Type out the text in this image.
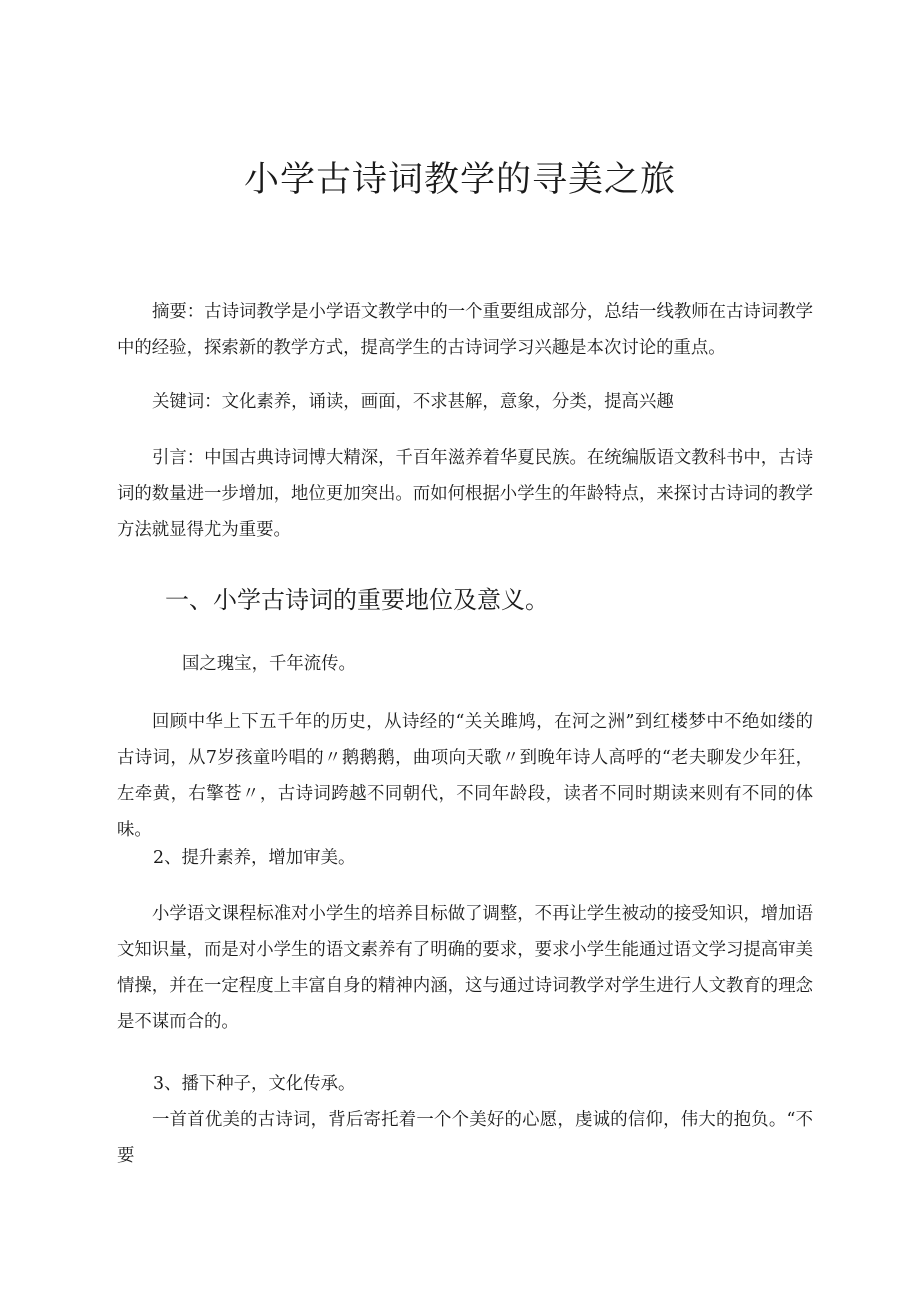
小学古诗词教学的寻美之旅

摘要：古诗词教学是小学语文教学中的一个重要组成部分，总结一线教师在古诗词教学中的经验，探索新的教学方式，提高学生的古诗词学习兴趣是本次讨论的重点。

关键词：文化素养，诵读，画面，不求甚解，意象，分类，提高兴趣

引言：中国古典诗词博大精深，千百年滋养着华夏民族。在统编版语文教科书中，古诗词的数量进一步增加，地位更加突出。而如何根据小学生的年龄特点，来探讨古诗词的教学方法就显得尤为重要。

一、小学古诗词的重要地位及意义。

国之瑰宝，千年流传。

回顾中华上下五千年的历史，从诗经的“关关雎鸠，在河之洲”到红楼梦中不绝如缕的古诗词，从7岁孩童吟唱的〃鹅鹅鹅，曲项向天歌〃到晚年诗人高呼的“老夫聊发少年狂，左牵黄，右擎苍〃，古诗词跨越不同朝代，不同年龄段，读者不同时期读来则有不同的体味。

2、提升素养，增加审美。

小学语文课程标准对小学生的培养目标做了调整，不再让学生被动的接受知识，增加语文知识量，而是对小学生的语文素养有了明确的要求，要求小学生能通过语文学习提高审美情操，并在一定程度上丰富自身的精神内涵，这与通过诗词教学对学生进行人文教育的理念是不谋而合的。

3、播下种子，文化传承。

一首首优美的古诗词，背后寄托着一个个美好的心愿，虔诚的信仰，伟大的抱负。“不要
